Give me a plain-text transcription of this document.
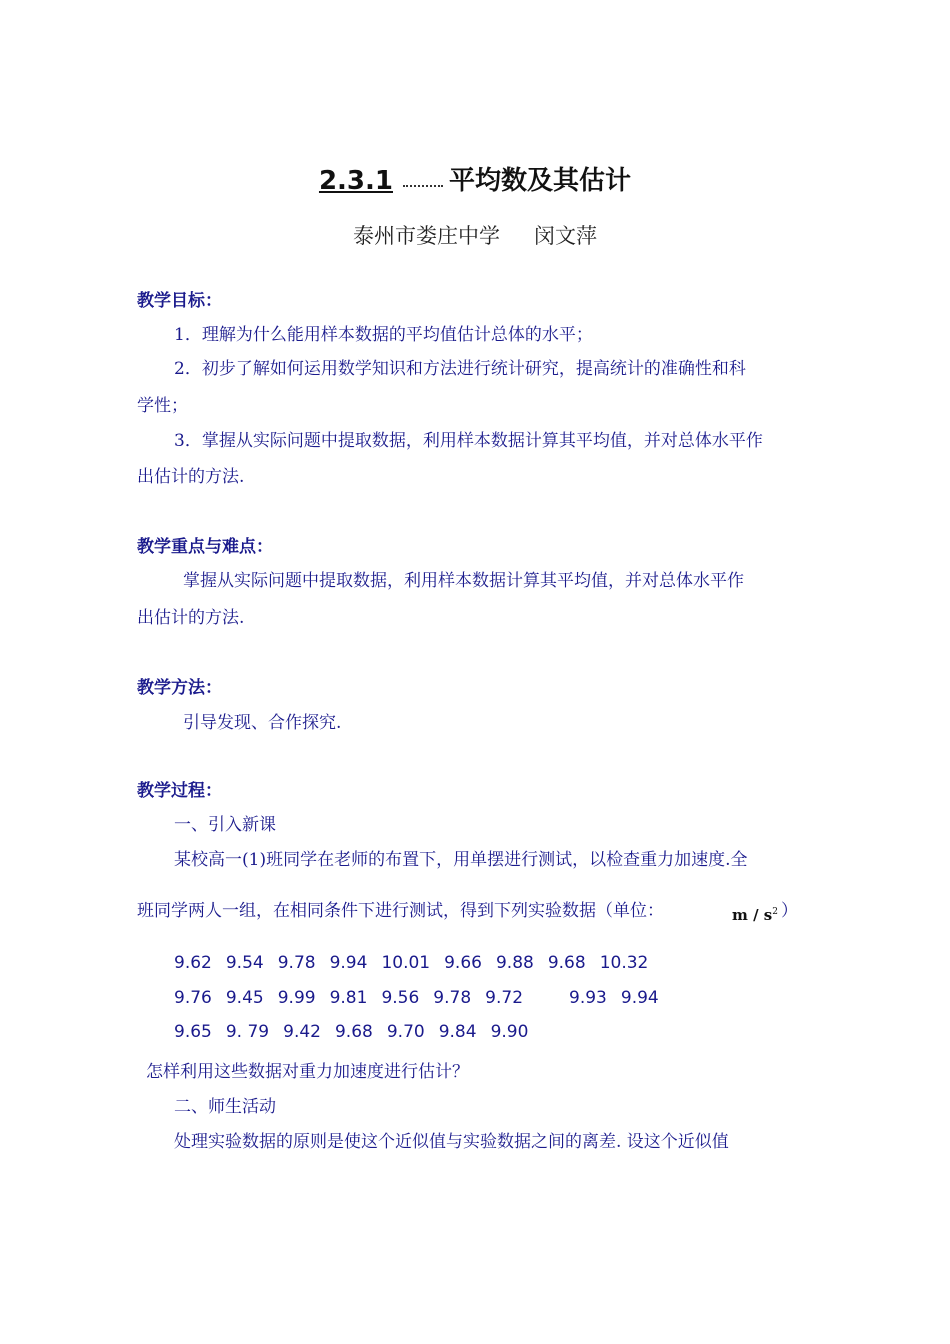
2.3.1 平均数及其估计
泰州市娄庄中学 闵文萍
教学目标：
1．理解为什么能用样本数据的平均值估计总体的水平；
2．初步了解如何运用数学知识和方法进行统计研究，提高统计的准确性和科
学性；
3．掌握从实际问题中提取数据，利用样本数据计算其平均值，并对总体水平作
出估计的方法.
教学重点与难点：
掌握从实际问题中提取数据，利用样本数据计算其平均值，并对总体水平作
出估计的方法.
教学方法：
引导发现、合作探究.
教学过程：
一、引入新课
某校高一(1)班同学在老师的布置下，用单摆进行测试，以检查重力加速度.全
班同学两人一组，在相同条件下进行测试，得到下列实验数据（单位：	m / $s^2$ ）
9.62 9.54 9.78 9.94 10.01 9.66 9.88 9.68 10.32
9.76 9.45 9.99 9.81 9.56 9.78 9.72	9.93 9.94
9.65 9. 79 9.42 9.68 9.70 9.84 9.90
怎样利用这些数据对重力加速度进行估计？
二、师生活动
处理实验数据的原则是使这个近似值与实验数据之间的离差. 设这个近似值
